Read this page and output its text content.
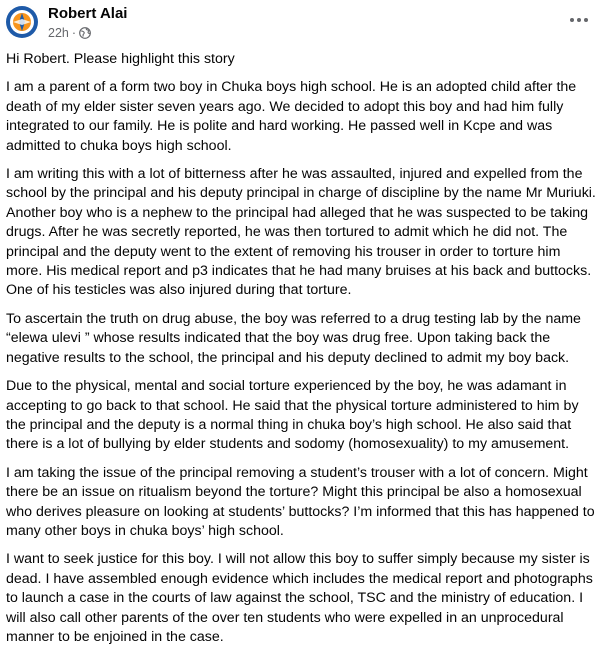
Robert Alai
22h ·

Hi Robert. Please highlight this story

I am a parent of a form two boy in Chuka boys high school. He is an adopted child after the death of my elder sister seven years ago. We decided to adopt this boy and had him fully integrated to our family. He is polite and hard working. He passed well in Kcpe and was admitted to chuka boys high school.

I am writing this with a lot of bitterness after he was assaulted, injured and expelled from the school by the principal and his deputy principal in charge of discipline by the name Mr Muriuki. Another boy who is a nephew to the principal had alleged that he was suspected to be taking drugs. After he was secretly reported, he was then tortured to admit which he did not. The principal and the deputy went to the extent of removing his trouser in order to torture him more. His medical report and p3 indicates that he had many bruises at his back and buttocks. One of his testicles was also injured during that torture.

To ascertain the truth on drug abuse, the boy was referred to a drug testing lab by the name “elewa ulevi ” whose results indicated that the boy was drug free. Upon taking back the negative results to the school, the principal and his deputy declined to admit my boy back.

Due to the physical, mental and social torture experienced by the boy, he was adamant in accepting to go back to that school. He said that the physical torture administered to him by the principal and the deputy is a normal thing in chuka boy’s high school. He also said that there is a lot of bullying by elder students and sodomy (homosexuality) to my amusement.

I am taking the issue of the principal removing a student’s trouser with a lot of concern. Might there be an issue on ritualism beyond the torture? Might this principal be also a homosexual who derives pleasure on looking at students’ buttocks? I’m informed that this has happened to many other boys in chuka boys’ high school.

I want to seek justice for this boy. I will not allow this boy to suffer simply because my sister is dead. I have assembled enough evidence which includes the medical report and photographs to launch a case in the courts of law against the school, TSC and the ministry of education. I will also call other parents of the over ten students who were expelled in an unprocedural manner to be enjoined in the case.
